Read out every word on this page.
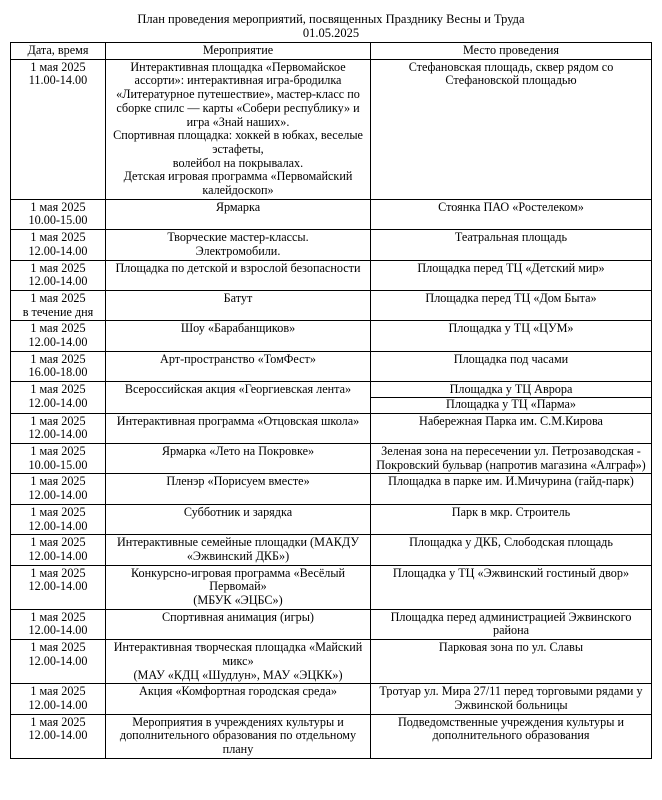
План проведения мероприятий, посвященных Празднику Весны и Труда
01.05.2025
Дата, время	Мероприятие	Место проведения

1 мая 2025
11.00-14.00	Интерактивная площадка «Первомайское ассорти»: интерактивная игра-бродилка «Литературное путешествие», мастер-класс по сборке спилс — карты «Собери республику» и игра «Знай наших».
Спортивная площадка: хоккей в юбках, веселые эстафеты,
волейбол на покрывалах.
Детская игровая программа «Первомайский калейдоскоп»	Стефановская площадь, сквер рядом со Стефановской площадью

1 мая 2025
10.00-15.00	Ярмарка	Стоянка ПАО «Ростелеком»

1 мая 2025
12.00-14.00	Творческие мастер-классы.
Электромобили.	Театральная площадь

1 мая 2025
12.00-14.00	Площадка по детской и взрослой безопасности	Площадка перед ТЦ «Детский мир»

1 мая 2025
в течение дня	Батут	Площадка перед ТЦ «Дом Быта»

1 мая 2025
12.00-14.00	Шоу «Барабанщиков»	Площадка у ТЦ «ЦУМ»

1 мая 2025
16.00-18.00	Арт-пространство «ТомФест»	Площадка под часами

1 мая 2025
12.00-14.00	Всероссийская акция «Георгиевская лента»	Площадка у ТЦ Аврора
Площадка у ТЦ «Парма»

1 мая 2025
12.00-14.00	Интерактивная программа «Отцовская школа»	Набережная Парка им. С.М.Кирова

1 мая 2025
10.00-15.00	Ярмарка «Лето на Покровке»	Зеленая зона на пересечении ул. Петрозаводская - Покровский бульвар (напротив магазина «Алграф»)

1 мая 2025
12.00-14.00	Пленэр «Порисуем вместе»	Площадка в парке им. И.Мичурина (гайд-парк)

1 мая 2025
12.00-14.00	Субботник и зарядка	Парк в мкр. Строитель

1 мая 2025
12.00-14.00	Интерактивные семейные площадки (МАКДУ «Эжвинский ДКБ»)	Площадка у ДКБ, Слободская площадь

1 мая 2025
12.00-14.00	Конкурсно-игровая программа «Весёлый Первомай»
(МБУК «ЭЦБС»)	Площадка у ТЦ «Эжвинский гостиный двор»

1 мая 2025
12.00-14.00	Спортивная анимация (игры)	Площадка перед администрацией Эжвинского района

1 мая 2025
12.00-14.00	Интерактивная творческая площадка «Майский микс»
(МАУ «КДЦ «Шудлун», МАУ «ЭЦКК»)	Парковая зона по ул. Славы

1 мая 2025
12.00-14.00	Акция «Комфортная городская среда»	Тротуар ул. Мира 27/11 перед торговыми рядами у Эжвинской больницы

1 мая 2025
12.00-14.00	Мероприятия в учреждениях культуры и дополнительного образования по отдельному плану	Подведомственные учреждения культуры и дополнительного образования
